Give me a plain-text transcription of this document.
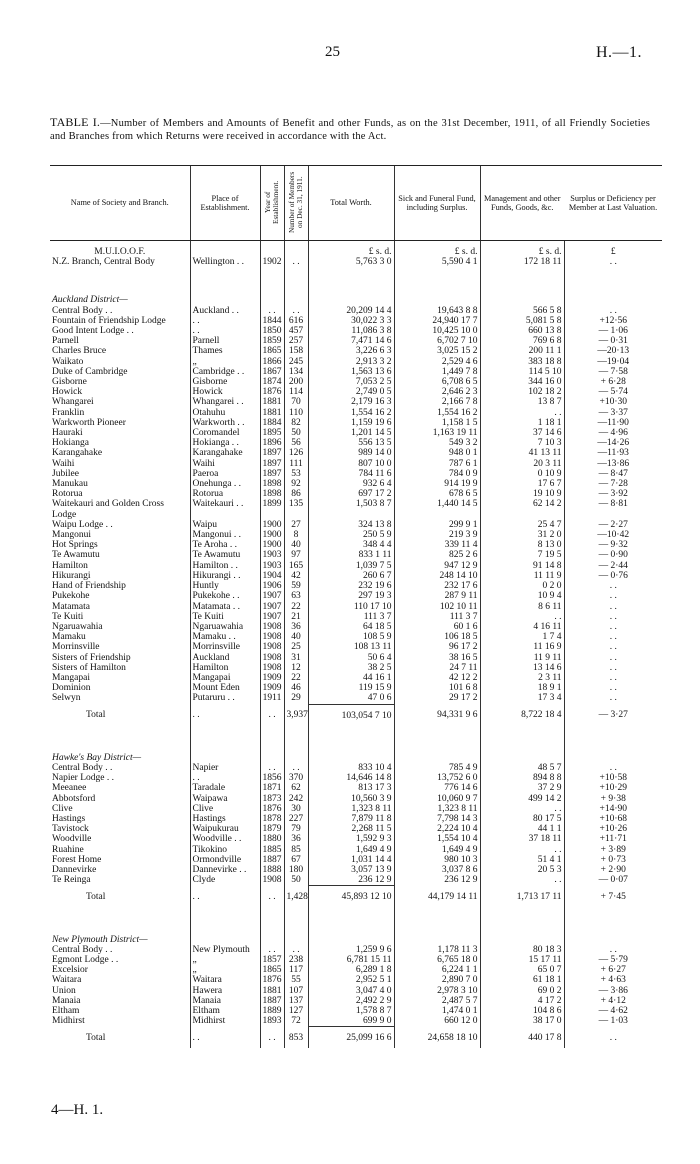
25	H.—1.
TABLE I.—Number of Members and Amounts of Benefit and other Funds, as on the 31st December, 1911, of all Friendly Societies and Branches from which Returns were received in accordance with the Act.
Name of Society and Branch.	Place of Establishment.	Year of Establishment.	Number of Members on Dec. 31, 1911.	Total Worth.	Sick and Funeral Fund, including Surplus.	Management and other Funds, Goods, &c.	Surplus or Deficiency per Member at Last Valuation.

M.U.I.O.O.F.				£ s. d.	£ s. d.	£ s. d.	£
N.Z. Branch, Central Body	Wellington . .	1902	. .	5,763 3 0	5,590 4 1	172 18 11	. .

Auckland District—							
Central Body . .	Auckland . .	. .	. .	20,209 14 4	19,643 8 8	566 5 8	. .
Fountain of Friendship Lodge	. .	1844	616	30,022 3 3	24,940 17 7	5,081 5 8	+12·56
Good Intent Lodge . .	. .	1850	457	11,086 3 8	10,425 10 0	660 13 8	— 1·06
Parnell	Parnell	1859	257	7,471 14 6	6,702 7 10	769 6 8	— 0·31
Charles Bruce	Thames	1865	158	3,226 6 3	3,025 15 2	200 11 1	—20·13
Waikato	„	1866	245	2,913 3 2	2,529 4 6	383 18 8	—19·04
Duke of Cambridge	Cambridge . .	1867	134	1,563 13 6	1,449 7 8	114 5 10	— 7·58
Gisborne	Gisborne	1874	200	7,053 2 5	6,708 6 5	344 16 0	+ 6·28
Howick	Howick	1876	114	2,749 0 5	2,646 2 3	102 18 2	— 5·74
Whangarei	Whangarei . .	1881	70	2,179 16 3	2,166 7 8	13 8 7	+10·30
Franklin	Otahuhu	1881	110	1,554 16 2	1,554 16 2	. .	— 3·37
Warkworth Pioneer	Warkworth . .	1884	82	1,159 19 6	1,158 1 5	1 18 1	—11·90
Hauraki	Coromandel	1895	50	1,201 14 5	1,163 19 11	37 14 6	— 4·96
Hokianga	Hokianga . .	1896	56	556 13 5	549 3 2	7 10 3	—14·26
Karangahake	Karangahake	1897	126	989 14 0	948 0 1	41 13 11	—11·93
Waihi	Waihi	1897	111	807 10 0	787 6 1	20 3 11	—13·86
Jubilee	Paeroa	1897	53	784 11 6	784 0 9	0 10 9	— 8·47
Manukau	Onehunga . .	1898	92	932 6 4	914 19 9	17 6 7	— 7·28
Rotorua	Rotorua	1898	86	697 17 2	678 6 5	19 10 9	— 3·92
Waitekauri and Golden Cross	Waitekauri . .	1899	135	1,503 8 7	1,440 14 5	62 14 2	— 8·81
Lodge							
Waipu Lodge . .	Waipu	1900	27	324 13 8	299 9 1	25 4 7	— 2·27
Mangonui	Mangonui . .	1900	8	250 5 9	219 3 9	31 2 0	—10·42
Hot Springs	Te Aroha . .	1900	40	348 4 4	339 11 4	8 13 0	— 9·32
Te Awamutu	Te Awamutu	1903	97	833 1 11	825 2 6	7 19 5	— 0·90
Hamilton	Hamilton . .	1903	165	1,039 7 5	947 12 9	91 14 8	— 2·44
Hikurangi	Hikurangi . .	1904	42	260 6 7	248 14 10	11 11 9	— 0·76
Hand of Friendship	Huntly	1906	59	232 19 6	232 17 6	0 2 0	. .
Pukekohe	Pukekohe . .	1907	63	297 19 3	287 9 11	10 9 4	. .
Matamata	Matamata . .	1907	22	110 17 10	102 10 11	8 6 11	. .
Te Kuiti	Te Kuiti	1907	21	111 3 7	111 3 7	. .	. .
Ngaruawahia	Ngaruawahia	1908	36	64 18 5	60 1 6	4 16 11	. .
Mamaku	Mamaku . .	1908	40	108 5 9	106 18 5	1 7 4	. .
Morrinsville	Morrinsville	1908	25	108 13 11	96 17 2	11 16 9	. .
Sisters of Friendship	Auckland	1908	31	50 6 4	38 16 5	11 9 11	. .
Sisters of Hamilton	Hamilton	1908	12	38 2 5	24 7 11	13 14 6	. .
Mangapai	Mangapai	1909	22	44 16 1	42 12 2	2 3 11	. .
Dominion	Mount Eden	1909	46	119 15 9	101 6 8	18 9 1	. .
Selwyn	Putaruru . .	1911	29	47 0 6	29 17 2	17 3 4	. .
Total	. .	. .	3,937	103,054 7 10	94,331 9 6	8,722 18 4	— 3·27

Hawke's Bay District—							
Central Body . .	Napier	. .	. .	833 10 4	785 4 9	48 5 7	. .
Napier Lodge . .	. .	1856	370	14,646 14 8	13,752 6 0	894 8 8	+10·58
Meeanee	Taradale	1871	62	813 17 3	776 14 6	37 2 9	+10·29
Abbotsford	Waipawa	1873	242	10,560 3 9	10,060 9 7	499 14 2	+ 9·38
Clive	Clive	1876	30	1,323 8 11	1,323 8 11	. .	+14·90
Hastings	Hastings	1878	227	7,879 11 8	7,798 14 3	80 17 5	+10·68
Tavistock	Waipukurau	1879	79	2,268 11 5	2,224 10 4	44 1 1	+10·26
Woodville	Woodville . .	1880	36	1,592 9 3	1,554 10 4	37 18 11	+11·71
Ruahine	Tikokino	1885	85	1,649 4 9	1,649 4 9	. .	+ 3·89
Forest Home	Ormondville	1887	67	1,031 14 4	980 10 3	51 4 1	+ 0·73
Dannevirke	Dannevirke . .	1888	180	3,057 13 9	3,037 8 6	20 5 3	+ 2·90
Te Reinga	Clyde	1908	50	236 12 9	236 12 9	. .	— 0·07
Total	. .	. .	1,428	45,893 12 10	44,179 14 11	1,713 17 11	+ 7·45

New Plymouth District—							
Central Body . .	New Plymouth	. .	. .	1,259 9 6	1,178 11 3	80 18 3	. .
Egmont Lodge . .	„	1857	238	6,781 15 11	6,765 18 0	15 17 11	— 5·79
Excelsior	„	1865	117	6,289 1 8	6,224 1 1	65 0 7	+ 6·27
Waitara	Waitara	1876	55	2,952 5 1	2,890 7 0	61 18 1	+ 4·63
Union	Hawera	1881	107	3,047 4 0	2,978 3 10	69 0 2	— 3·86
Manaia	Manaia	1887	137	2,492 2 9	2,487 5 7	4 17 2	+ 4·12
Eltham	Eltham	1889	127	1,578 8 7	1,474 0 1	104 8 6	— 4·62
Midhirst	Midhirst	1893	72	699 9 0	660 12 0	38 17 0	— 1·03
Total	. .	. .	853	25,099 16 6	24,658 18 10	440 17 8	. .
4—H. 1.
